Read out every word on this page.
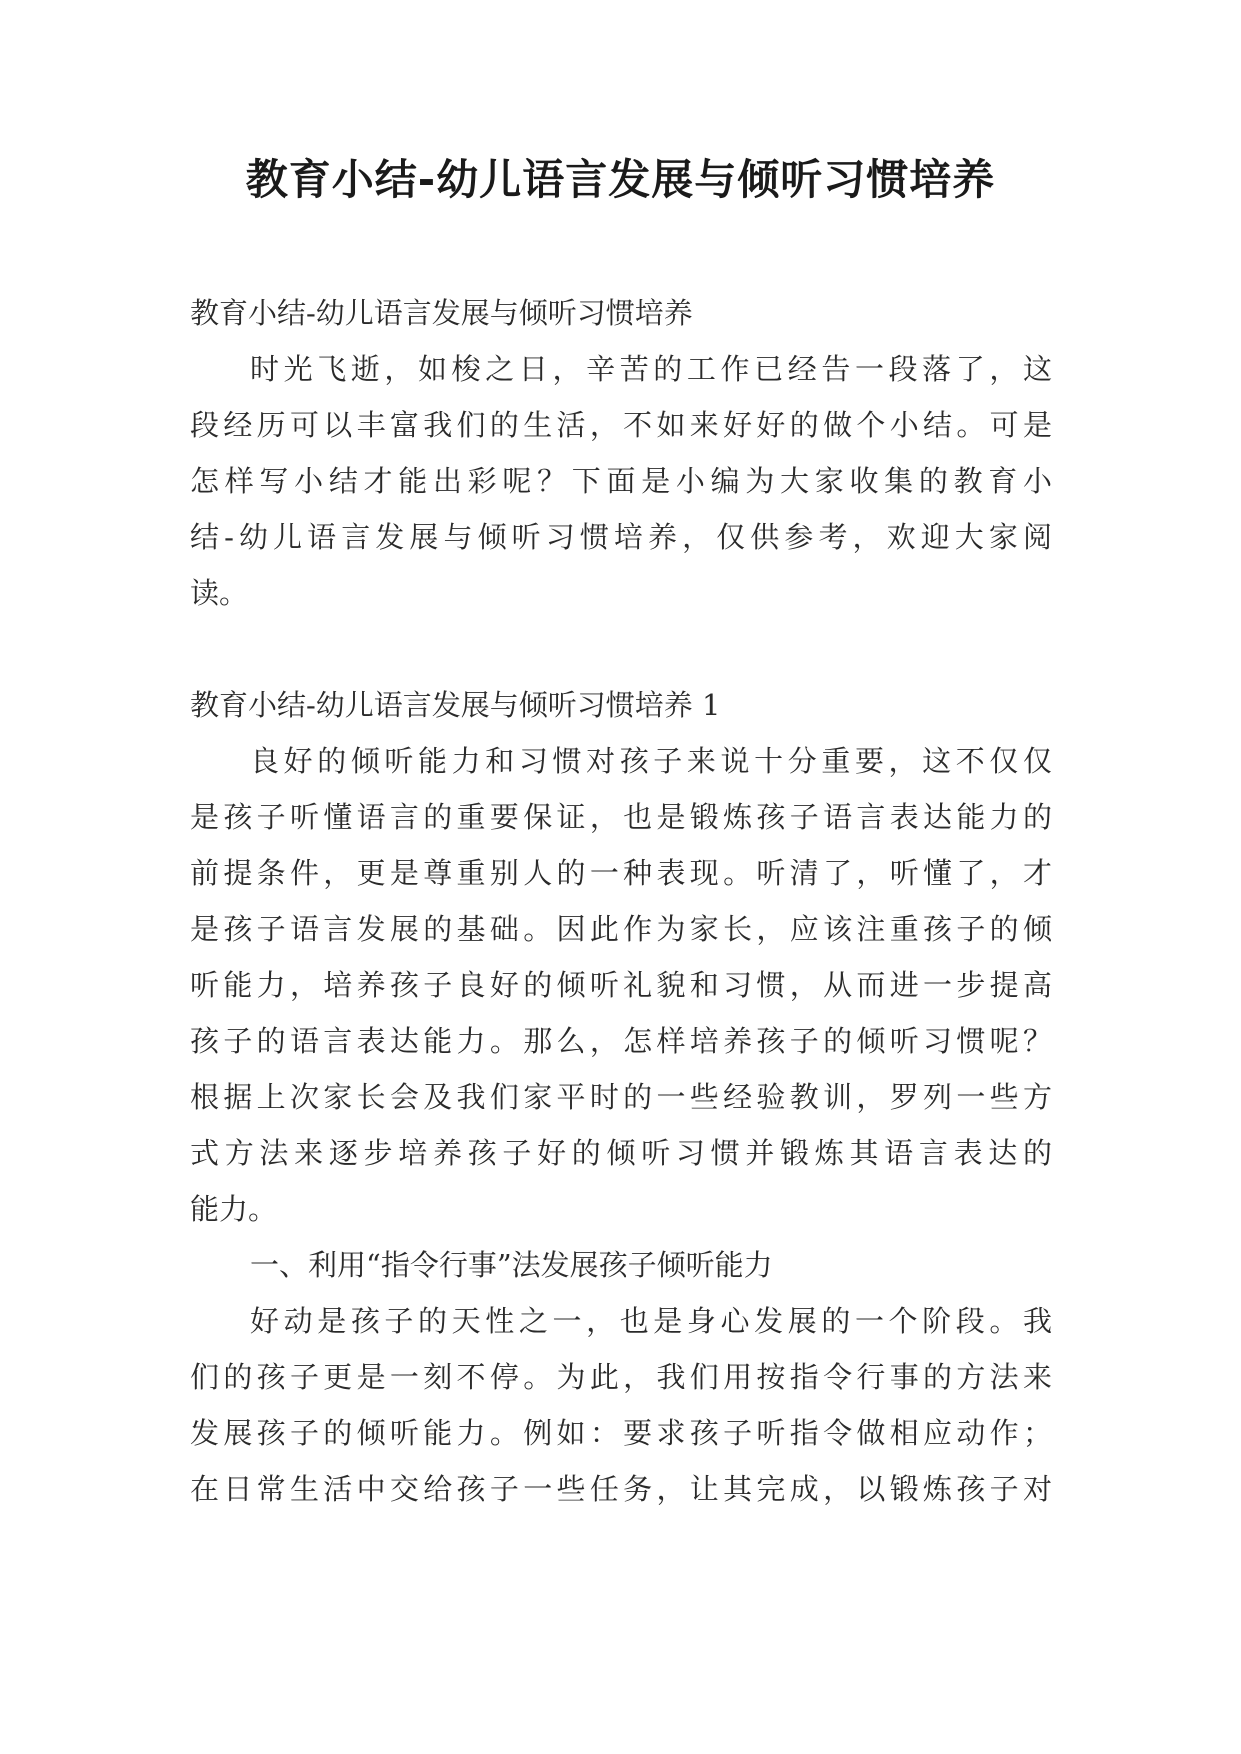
教育小结-幼儿语言发展与倾听习惯培养

教育小结-幼儿语言发展与倾听习惯培养

时光飞逝，如梭之日，辛苦的工作已经告一段落了，这

段经历可以丰富我们的生活，不如来好好的做个小结。可是

怎样写小结才能出彩呢？下面是小编为大家收集的教育小

结-幼儿语言发展与倾听习惯培养，仅供参考，欢迎大家阅

读。

教育小结-幼儿语言发展与倾听习惯培养 1

良好的倾听能力和习惯对孩子来说十分重要，这不仅仅

是孩子听懂语言的重要保证，也是锻炼孩子语言表达能力的

前提条件，更是尊重别人的一种表现。听清了，听懂了，才

是孩子语言发展的基础。因此作为家长，应该注重孩子的倾

听能力，培养孩子良好的倾听礼貌和习惯，从而进一步提高

孩子的语言表达能力。那么，怎样培养孩子的倾听习惯呢？

根据上次家长会及我们家平时的一些经验教训，罗列一些方

式方法来逐步培养孩子好的倾听习惯并锻炼其语言表达的

能力。

一、利用“指令行事”法发展孩子倾听能力

好动是孩子的天性之一，也是身心发展的一个阶段。我

们的孩子更是一刻不停。为此，我们用按指令行事的方法来

发展孩子的倾听能力。例如：要求孩子听指令做相应动作；

在日常生活中交给孩子一些任务，让其完成，以锻炼孩子对
